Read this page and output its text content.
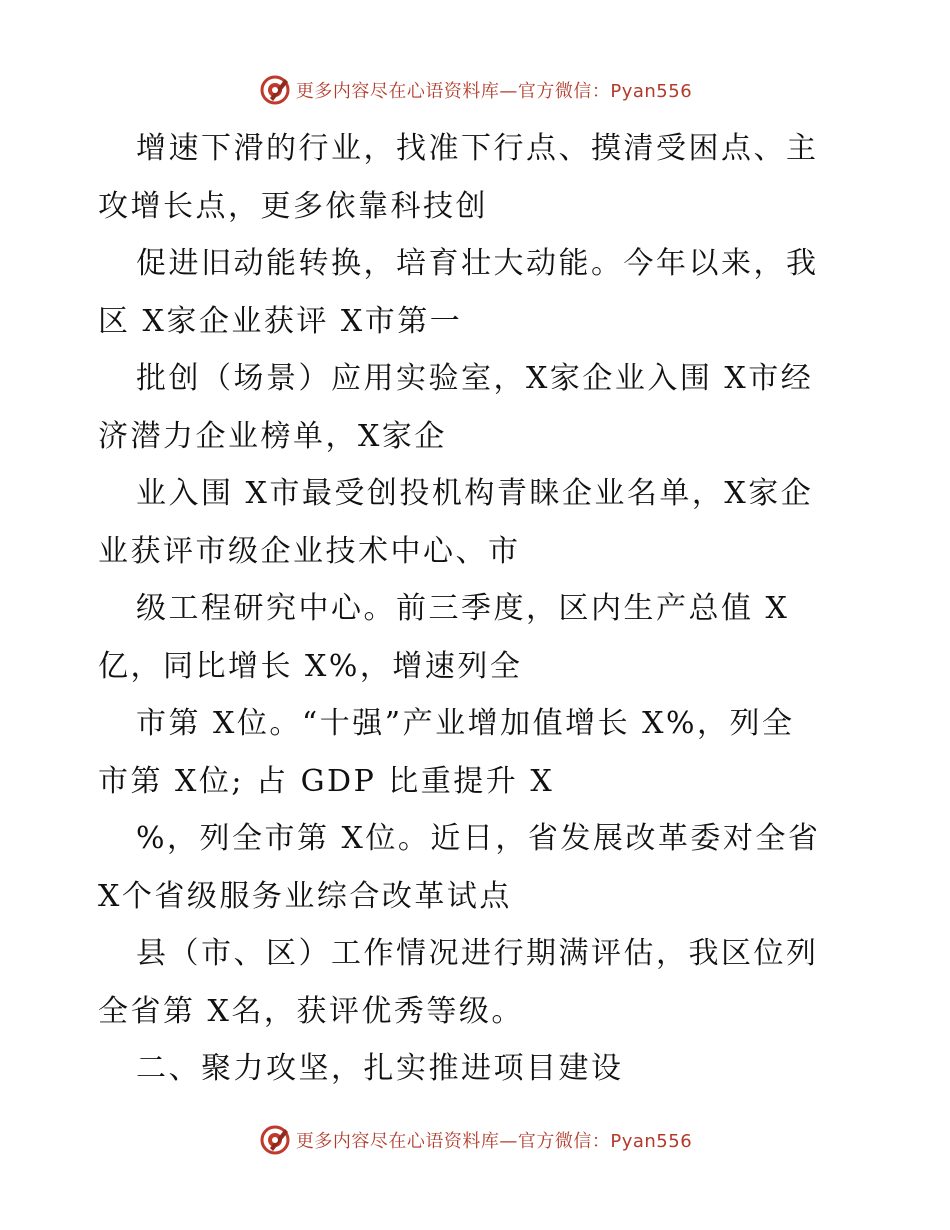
更多内容尽在心语资料库—官方微信：Pyan556
增速下滑的行业，找准下行点、摸清受困点、主
攻增长点，更多依靠科技创
促进旧动能转换，培育壮大动能。今年以来，我
区 X家企业获评 X市第一
批创（场景）应用实验室，X家企业入围 X市经
济潜力企业榜单，X家企
业入围 X市最受创投机构青睐企业名单，X家企
业获评市级企业技术中心、市
级工程研究中心。前三季度，区内生产总值 X
亿，同比增长 X%，增速列全
市第 X位。“十强”产业增加值增长 X%，列全
市第 X位; 占 GDP 比重提升 X
%，列全市第 X位。近日，省发展改革委对全省
X个省级服务业综合改革试点
县（市、区）工作情况进行期满评估，我区位列
全省第 X名，获评优秀等级。
二、聚力攻坚，扎实推进项目建设
更多内容尽在心语资料库—官方微信：Pyan556
